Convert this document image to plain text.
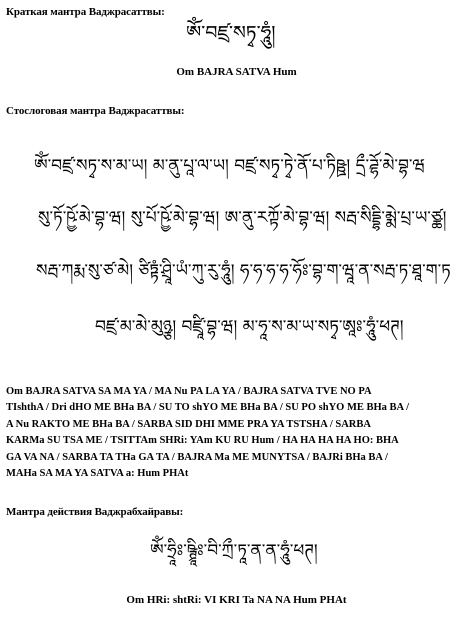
Краткая мантра Ваджрасаттвы:
ཨོཾ་བཛྲ་སཏྭ་ཧཱུཾ།
Om BAJRA SATVA Hum
Стослоговая мантра Ваджрасаттвы:
ཨོཾ་བཛྲ་སཏྭ་ས་མ་ཡ། མ་ནུ་པཱ་ལ་ཡ། བཛྲ་སཏྭ་ཏྭེ་ནོ་པ་ཏིཥྛ། དྲྀ་ཌྷོ་མེ་བྷ་ཝ
སུ་ཏོ་ཥྱོ་མེ་བྷ་ཝ། སུ་པོ་ཥྱོ་མེ་བྷ་ཝ། ཨ་ནུ་རཀྟོ་མེ་བྷ་ཝ། སརྦ་སིདྡྷི་མྨེ་པྲ་ཡ་ཙྪ།
སརྦ་ཀརྨ་སུ་ཙ་མེ། ཙིཏྟཾ་ཤྲཱི་ཡཾ་ཀུ་རུ་ཧཱུཾ། ཧ་ཧ་ཧ་ཧ་ཧོཿ་བྷ་ག་ཝཱ་ན་སརྦ་ཏ་ཐཱ་ག་ཏ
བཛྲ་མ་མེ་མུཉྩ། བཛྲཱི་བྷ་ཝ། མ་ཧཱ་ས་མ་ཡ་སཏྭ་ཨཱཿ་ཧཱུཾ་ཕཊ།
Om BAJRA SATVA SA MA YA / MA Nu PA LA YA / BAJRA SATVA TVE NO PA
TIshthA / Dri dHO ME BHa BA / SU TO shYO ME BHa BA / SU PO shYO ME BHa BA /
A Nu RAKTO ME BHa BA / SARBA SID DHI MME PRA YA TSTSHA / SARBA
KARMa SU TSA ME / TSITTAm SHRi: YAm KU RU Hum / HA HA HA HA HO: BHA
GA VA NA / SARBA TA THa GA TA / BAJRA Ma ME MUNYTSA / BAJRi BHa BA /
MAHa SA MA YA SATVA a: Hum PHAt
Мантра действия Ваджрабхайравы:
ཨོཾ་ཧྲཱིཿ་ཥྚྲཱིཿ་བི་ཀྲྀ་ཏཱ་ན་ན་ཧཱུཾ་ཕཊ།
Om HRi: shtRi: VI KRI Ta NA NA Hum PHAt
